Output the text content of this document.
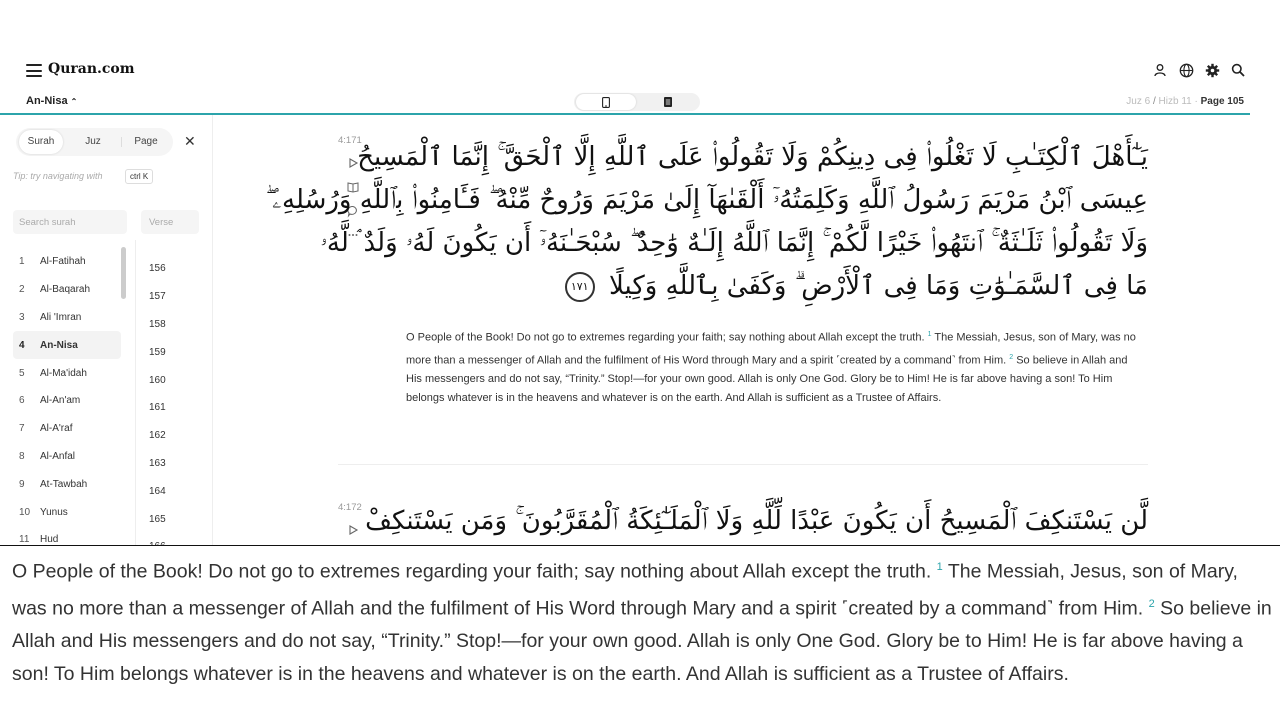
Quran.com
An-Nisa ⌃	Juz 6 / Hizb 11 · Page 105
Surah	Juz	Page	✕
Tip: try navigating with	ctrl K
Search surah
Verse
1	Al-Fatihah
2	Al-Baqarah
3	Ali 'Imran
4	An-Nisa
5	Al-Ma'idah
6	Al-An'am
7	Al-A'raf
8	Al-Anfal
9	At-Tawbah
10 Yunus
11	Hud
156
157
158
159
160
161
162
163
164
165
4:171
يَـٰٓأَهْلَ ٱلْكِتَـٰبِ لَا تَغْلُوا۟ فِى دِينِكُمْ وَلَا تَقُولُوا۟ عَلَى ٱللَّهِ إِلَّا ٱلْحَقَّ ۚ إِنَّمَا ٱلْمَسِيحُ
عِيسَى ٱبْنُ مَرْيَمَ رَسُولُ ٱللَّهِ وَكَلِمَتُهُۥٓ أَلْقَىٰهَآ إِلَىٰ مَرْيَمَ وَرُوحٌ مِّنْهُ ۖ فَـَٔامِنُوا۟ بِٱللَّهِ وَرُسُلِهِۦ ۖ
وَلَا تَقُولُوا۟ ثَلَـٰثَةٌ ۚ ٱنتَهُوا۟ خَيْرًا لَّكُمْ ۚ إِنَّمَا ٱللَّهُ إِلَـٰهٌ وَٰحِدٌ ۖ سُبْحَـٰنَهُۥٓ أَن يَكُونَ لَهُۥ وَلَدٌ ۘ لَّهُۥ
مَا فِى ٱلسَّمَـٰوَٰتِ وَمَا فِى ٱلْأَرْضِ ۗ وَكَفَىٰ بِٱللَّهِ وَكِيلًا ١٧١
O People of the Book! Do not go to extremes regarding your faith; say nothing about Allah except the truth. $^1$ The Messiah, Jesus, son of Mary, was no more than a messenger of Allah and the fulfilment of His Word through Mary and a spirit ˹created by a command˺ from Him. $^2$ So believe in Allah and His messengers and do not say, “Trinity.” Stop!—for your own good. Allah is only One God. Glory be to Him! He is far above having a son! To Him belongs whatever is in the heavens and whatever is on the earth. And Allah is sufficient as a Trustee of Affairs.
4:172 لَّن يَسْتَنكِفَ ٱلْمَسِيحُ أَن يَكُونَ عَبْدًا لِّلَّهِ وَلَا ٱلْمَلَـٰٓئِكَةُ ٱلْمُقَرَّبُونَ ۚ وَمَن يَسْتَنكِفْ
O People of the Book! Do not go to extremes regarding your faith; say nothing about Allah except the truth. $^1$ The Messiah, Jesus, son of Mary, was no more than a messenger of Allah and the fulfilment of His Word through Mary and a spirit ˹created by a command˺ from Him. $^2$ So believe in Allah and His messengers and do not say, “Trinity.” Stop!—for your own good. Allah is only One God. Glory be to Him! He is far above having a son! To Him belongs whatever is in the heavens and whatever is on the earth. And Allah is sufficient as a Trustee of Affairs.
